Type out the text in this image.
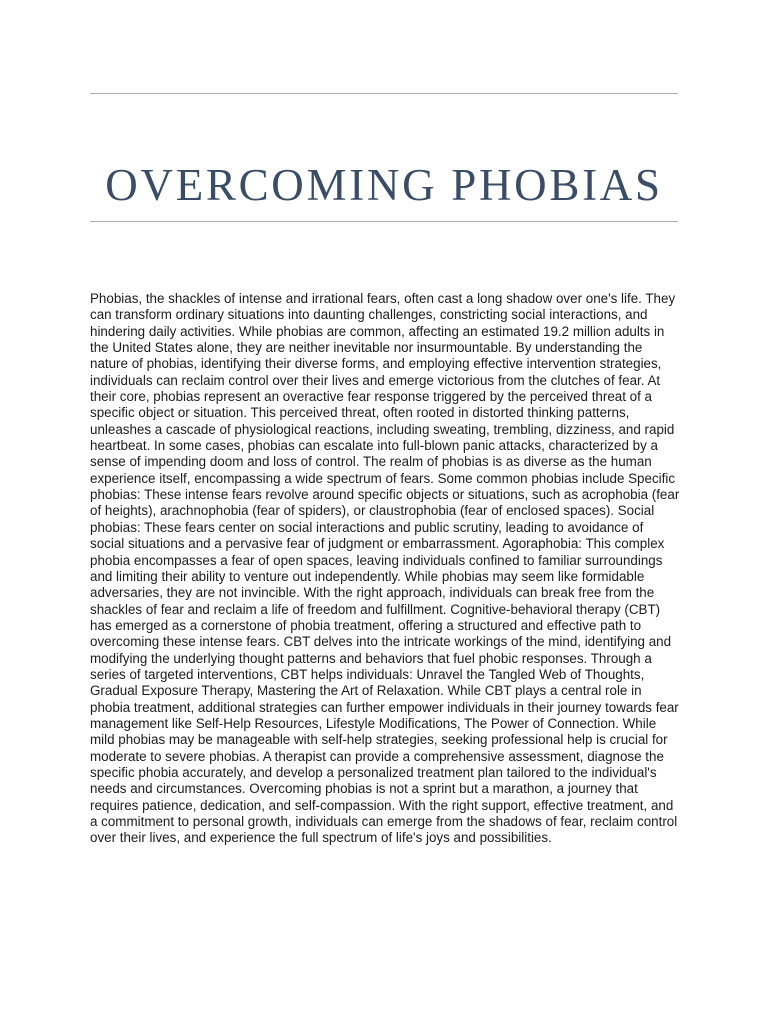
OVERCOMING PHOBIAS

Phobias, the shackles of intense and irrational fears, often cast a long shadow over one's life. They can transform ordinary situations into daunting challenges, constricting social interactions, and hindering daily activities. While phobias are common, affecting an estimated 19.2 million adults in the United States alone, they are neither inevitable nor insurmountable. By understanding the nature of phobias, identifying their diverse forms, and employing effective intervention strategies, individuals can reclaim control over their lives and emerge victorious from the clutches of fear. At their core, phobias represent an overactive fear response triggered by the perceived threat of a specific object or situation. This perceived threat, often rooted in distorted thinking patterns, unleashes a cascade of physiological reactions, including sweating, trembling, dizziness, and rapid heartbeat. In some cases, phobias can escalate into full-blown panic attacks, characterized by a sense of impending doom and loss of control. The realm of phobias is as diverse as the human experience itself, encompassing a wide spectrum of fears. Some common phobias include Specific phobias: These intense fears revolve around specific objects or situations, such as acrophobia (fear of heights), arachnophobia (fear of spiders), or claustrophobia (fear of enclosed spaces). Social phobias: These fears center on social interactions and public scrutiny, leading to avoidance of social situations and a pervasive fear of judgment or embarrassment. Agoraphobia: This complex phobia encompasses a fear of open spaces, leaving individuals confined to familiar surroundings and limiting their ability to venture out independently. While phobias may seem like formidable adversaries, they are not invincible. With the right approach, individuals can break free from the shackles of fear and reclaim a life of freedom and fulfillment. Cognitive-behavioral therapy (CBT) has emerged as a cornerstone of phobia treatment, offering a structured and effective path to overcoming these intense fears. CBT delves into the intricate workings of the mind, identifying and modifying the underlying thought patterns and behaviors that fuel phobic responses. Through a series of targeted interventions, CBT helps individuals: Unravel the Tangled Web of Thoughts, Gradual Exposure Therapy, Mastering the Art of Relaxation. While CBT plays a central role in phobia treatment, additional strategies can further empower individuals in their journey towards fear management like Self-Help Resources, Lifestyle Modifications, The Power of Connection. While mild phobias may be manageable with self-help strategies, seeking professional help is crucial for moderate to severe phobias. A therapist can provide a comprehensive assessment, diagnose the specific phobia accurately, and develop a personalized treatment plan tailored to the individual's needs and circumstances. Overcoming phobias is not a sprint but a marathon, a journey that requires patience, dedication, and self-compassion. With the right support, effective treatment, and a commitment to personal growth, individuals can emerge from the shadows of fear, reclaim control over their lives, and experience the full spectrum of life's joys and possibilities.
